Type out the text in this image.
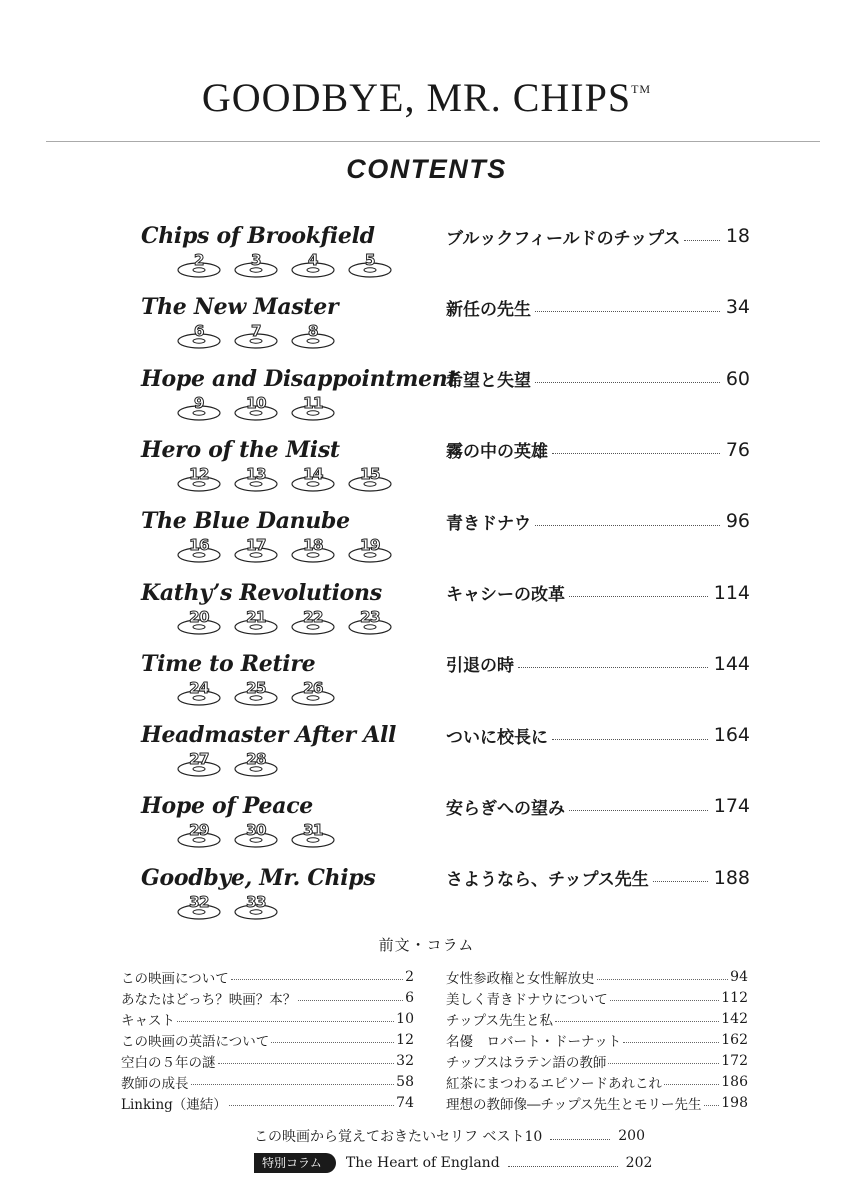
GOODBYE, MR. CHIPS™
CONTENTS
Chips of Brookfield
2	3	4	5
ブルックフィールドのチップス 18
The New Master
6	7	8
新任の先生	34
Hope and Disappointment
9	10	11
希望と失望	60
Hero of the Mist
12	13	14	15
霧の中の英雄	76
The Blue Danube
16	17	18	19
青きドナウ	96
Kathy’s Revolutions
20	21	22	23
キャシーの改革	114
Time to Retire
24	25	26
引退の時	144
Headmaster After All
27	28
ついに校長に	164
Hope of Peace
29	30	31
安らぎへの望み	174
Goodbye, Mr. Chips
32	33
さようなら、チップス先生	188
前文・コラム
この映画について	2
あなたはどっち？映画？本？	6
キャスト	10
この映画の英語について	12
空白の５年の謎	32
教師の成長	58
Linking（連結）	74
女性参政権と女性解放史	94
美しく青きドナウについて	112
チップス先生と私	142
名優　ロバート・ドーナット	162
チップスはラテン語の教師	172
紅茶にまつわるエピソードあれこれ	186
理想の教師像―チップス先生とモリー先生 198
この映画から覚えておきたいセリフ ベスト10	200
特別コラム	The Heart of England	202
